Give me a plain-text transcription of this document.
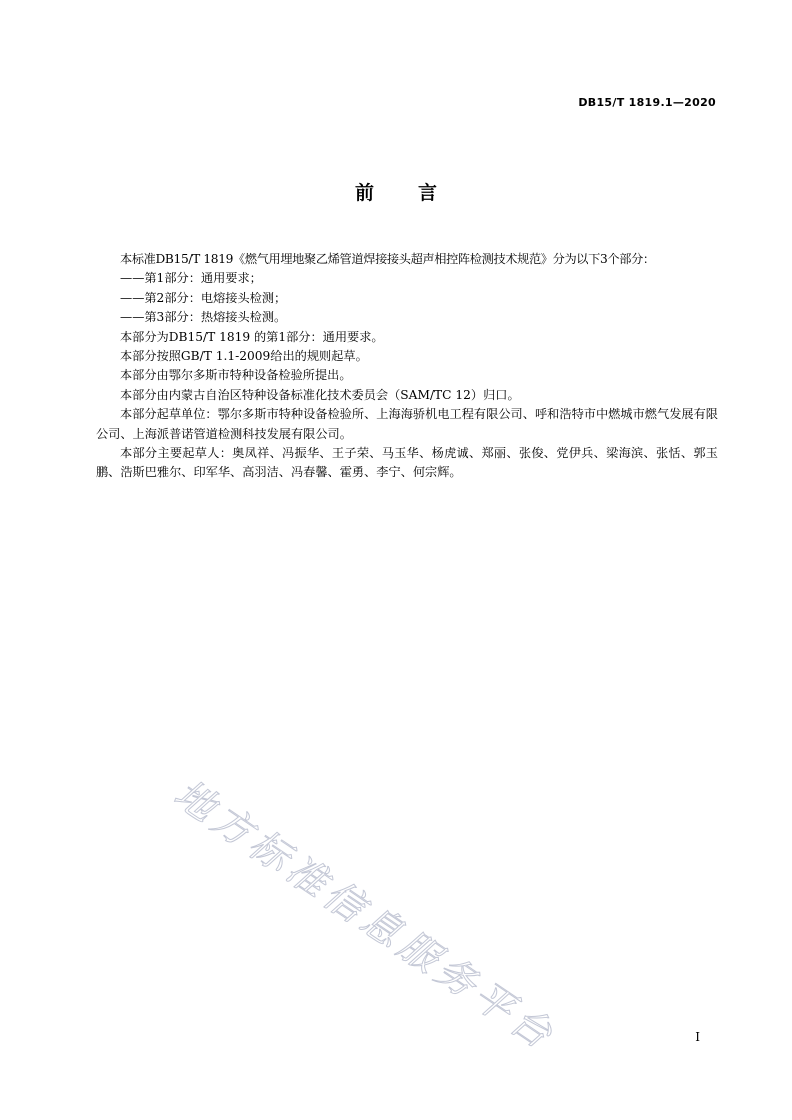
DB15/T 1819.1—2020
前言

本标准DB15/T 1819《燃气用埋地聚乙烯管道焊接接头超声相控阵检测技术规范》分为以下3个部分：

——第1部分：通用要求；

——第2部分：电熔接头检测；

——第3部分：热熔接头检测。

本部分为DB15/T 1819 的第1部分：通用要求。

本部分按照GB/T 1.1-2009给出的规则起草。

本部分由鄂尔多斯市特种设备检验所提出。

本部分由内蒙古自治区特种设备标准化技术委员会（SAM/TC 12）归口。

本部分起草单位：鄂尔多斯市特种设备检验所、上海海骄机电工程有限公司、呼和浩特市中燃城市燃气发展有限公司、上海派普诺管道检测科技发展有限公司。

本部分主要起草人：奥凤祥、冯振华、王子荣、马玉华、杨虎诚、郑丽、张俊、党伊兵、梁海滨、张恬、郭玉鹏、浩斯巴雅尔、印军华、高羽洁、冯春馨、霍勇、李宁、何宗辉。

地方标准信息服务平台	I
